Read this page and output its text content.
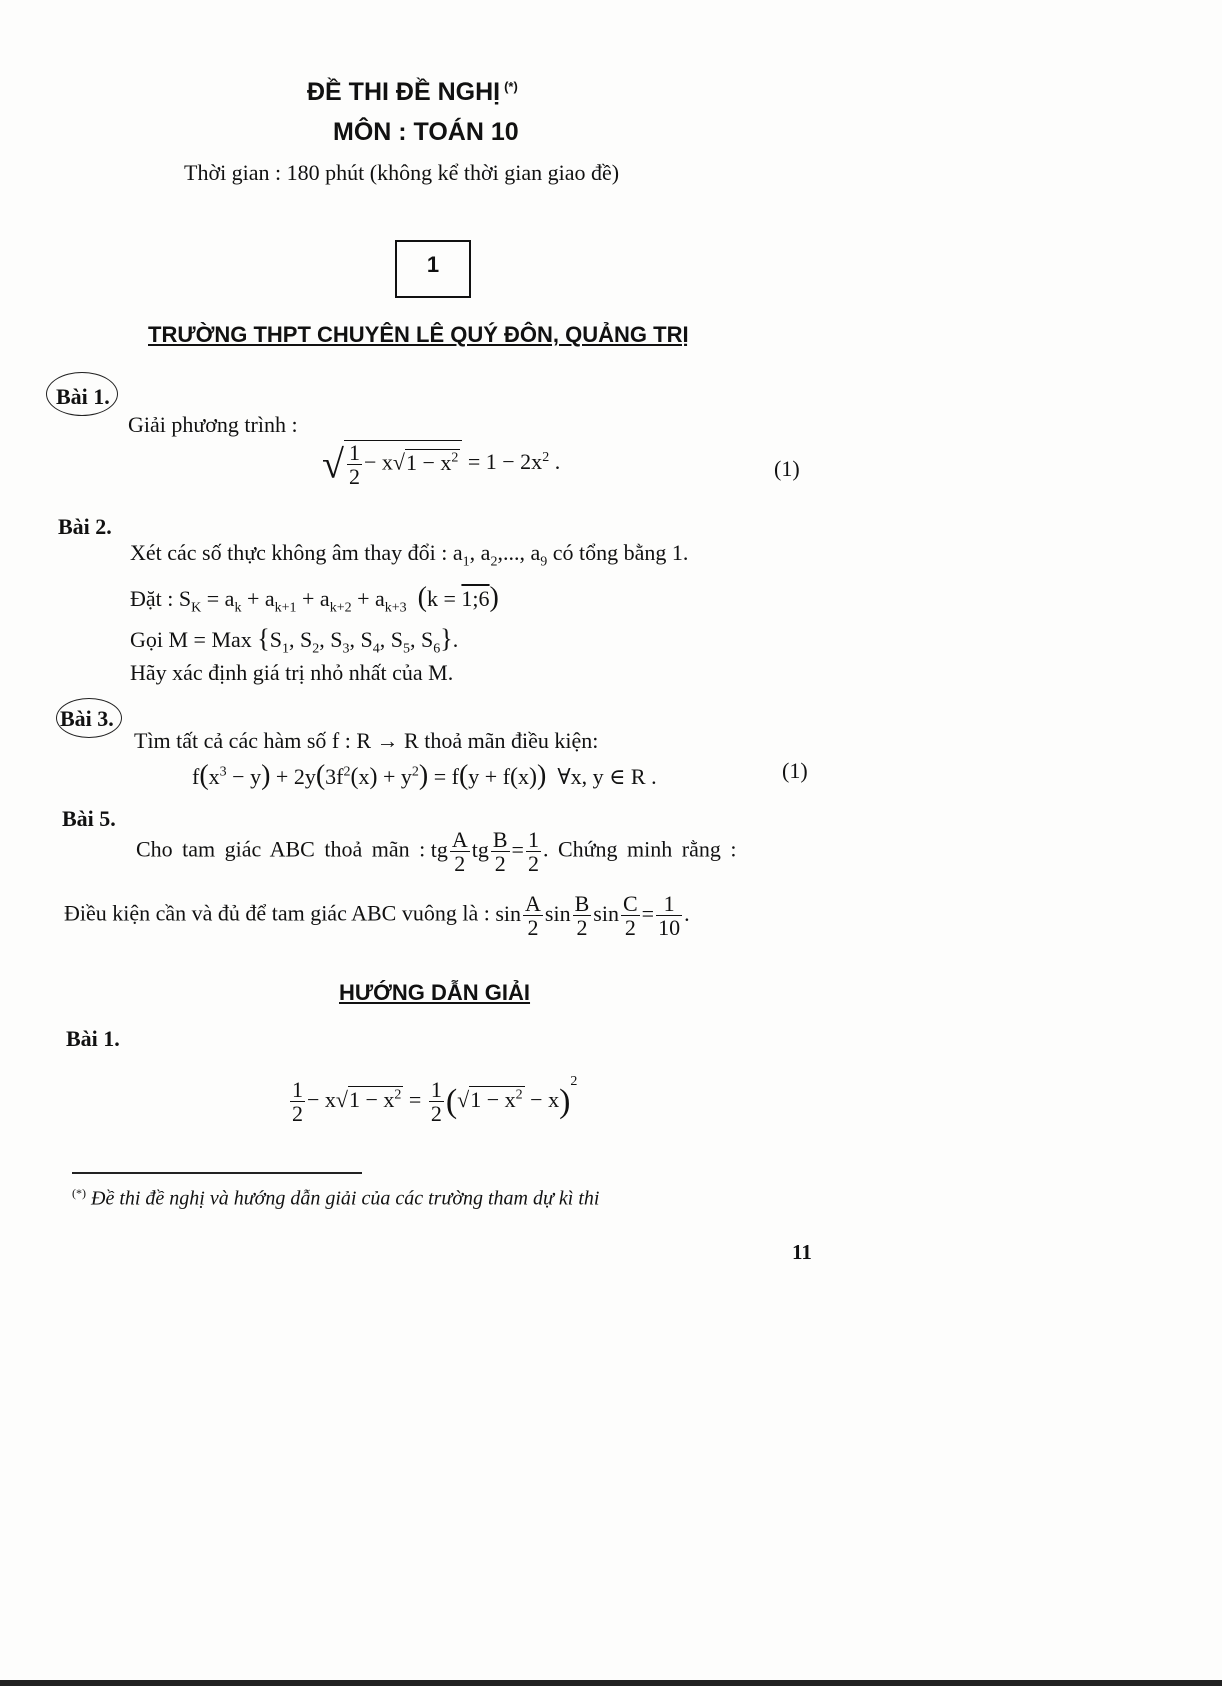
ĐỀ THI ĐỀ NGHỊ (*)
MÔN : TOÁN 10
Thời gian : 180 phút (không kể thời gian giao đề)
1
TRƯỜNG THPT CHUYÊN LÊ QUÝ ĐÔN, QUẢNG TRỊ
Bài 1.
Giải phương trình :
√ $\frac{1}{2} - x√1 - x^2 = 1 - 2x^2$ .	(1)
Bài 2.
Xét các số thực không âm thay đổi : $a_1$, $a_2$,..., $a_9$ có tổng bằng 1.
Đặt : $S_K = a_k + a_{k+1} + a_{k+2} + a_{k+3}$ (k = 1;6)
Gọi M = Max {$S_1$, $S_2$, $S_3$, $S_4$, $S_5$, $S_6$}.
Hãy xác định giá trị nhỏ nhất của M.
Bài 3.
Tìm tất cả các hàm số f : R → R thoả mãn điều kiện:
$f(x^3 - y) + 2y(3f^2(x) + y^2) = f(y + f(x))$  ∀x, y ∈ R .	(1)
Bài 5.
Cho tam giác ABC thoả mãn : tg $\frac{A}{2}$ tg $\frac{B}{2} = \frac{1}{2}$ . Chứng minh rằng :
Điều kiện cần và đủ để tam giác ABC vuông là : $\sin \frac{A}{2}$ $\sin \frac{B}{2}$ $\sin \frac{C}{2} = \frac{1}{10}$ .
HƯỚNG DẪN GIẢI
Bài 1.
$\frac{1}{2} - x√1 - x^2 = \frac{1}{2} (√1 - x^2 - x)^2$
(*) Đề thi đề nghị và hướng dẫn giải của các trường tham dự kì thi
11
